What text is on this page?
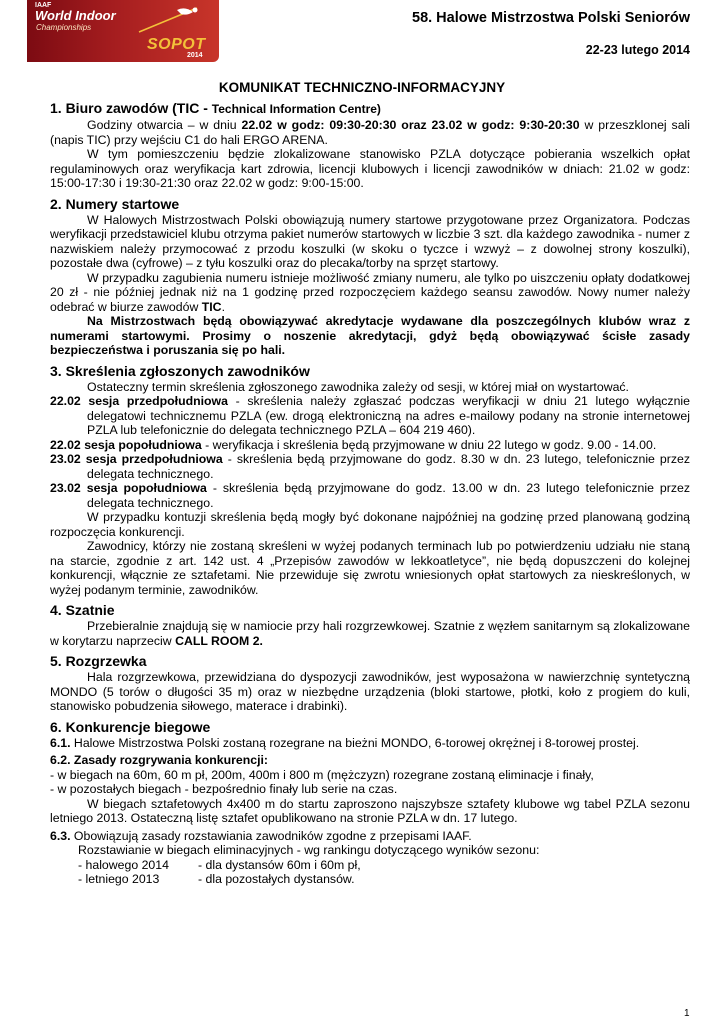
IAAF
World Indoor
Championships
SOPOT
2014
58. Halowe Mistrzostwa Polski Seniorów
22-23 lutego 2014
KOMUNIKAT TECHNICZNO-INFORMACYJNY
1. Biuro zawodów (TIC - Technical Information Centre)

Godziny otwarcia – w dniu 22.02 w godz: 09:30-20:30 oraz 23.02 w godz: 9:30-20:30 w przeszklonej sali (napis TIC) przy wejściu C1 do hali ERGO ARENA.

W tym pomieszczeniu będzie zlokalizowane stanowisko PZLA dotyczące pobierania wszelkich opłat regulaminowych oraz weryfikacja kart zdrowia, licencji klubowych i licencji zawodników w dniach: 21.02 w godz: 15:00-17:30 i 19:30-21:30 oraz 22.02 w godz: 9:00-15:00.

2. Numery startowe

W Halowych Mistrzostwach Polski obowiązują numery startowe przygotowane przez Organizatora. Podczas weryfikacji przedstawiciel klubu otrzyma pakiet numerów startowych w liczbie 3 szt. dla każdego zawodnika - numer z nazwiskiem należy przymocować z przodu koszulki (w skoku o tyczce i wzwyż – z dowolnej strony koszulki), pozostałe dwa (cyfrowe) – z tyłu koszulki oraz do plecaka/torby na sprzęt startowy.

W przypadku zagubienia numeru istnieje możliwość zmiany numeru, ale tylko po uiszczeniu opłaty dodatkowej 20 zł - nie później jednak niż na 1 godzinę przed rozpoczęciem każdego seansu zawodów. Nowy numer należy odebrać w biurze zawodów TIC.

Na Mistrzostwach będą obowiązywać akredytacje wydawane dla poszczególnych klubów wraz z numerami startowymi. Prosimy o noszenie akredytacji, gdyż będą obowiązywać ścisłe zasady bezpieczeństwa i poruszania się po hali.

3. Skreślenia zgłoszonych zawodników

Ostateczny termin skreślenia zgłoszonego zawodnika zależy od sesji, w której miał on wystartować.

22.02 sesja przedpołudniowa - skreślenia należy zgłaszać podczas weryfikacji w dniu 21 lutego wyłącznie delegatowi technicznemu PZLA (ew. drogą elektroniczną na adres e-mailowy podany na stronie internetowej PZLA lub telefonicznie do delegata technicznego PZLA – 604 219 460).

22.02 sesja popołudniowa - weryfikacja i skreślenia będą przyjmowane w dniu 22 lutego w godz. 9.00 - 14.00.

23.02 sesja przedpołudniowa - skreślenia będą przyjmowane do godz. 8.30 w dn. 23 lutego, telefonicznie przez delegata technicznego.

23.02 sesja popołudniowa - skreślenia będą przyjmowane do godz. 13.00 w dn. 23 lutego telefonicznie przez delegata technicznego.

W przypadku kontuzji skreślenia będą mogły być dokonane najpóźniej na godzinę przed planowaną godziną rozpoczęcia konkurencji.

Zawodnicy, którzy nie zostaną skreśleni w wyżej podanych terminach lub po potwierdzeniu udziału nie staną na starcie, zgodnie z art. 142 ust. 4 „Przepisów zawodów w lekkoatletyce”, nie będą dopuszczeni do kolejnej konkurencji, włącznie ze sztafetami. Nie przewiduje się zwrotu wniesionych opłat startowych za nieskreślonych, w wyżej podanym terminie, zawodników.

4. Szatnie

Przebieralnie znajdują się w namiocie przy hali rozgrzewkowej. Szatnie z węzłem sanitarnym są zlokalizowane w korytarzu naprzeciw CALL ROOM 2.

5. Rozgrzewka

Hala rozgrzewkowa, przewidziana do dyspozycji zawodników, jest wyposażona w nawierzchnię syntetyczną MONDO (5 torów o długości 35 m) oraz w niezbędne urządzenia (bloki startowe, płotki, koło z progiem do kuli, stanowisko pobudzenia siłowego, materace i drabinki).

6. Konkurencje biegowe

6.1. Halowe Mistrzostwa Polski zostaną rozegrane na bieżni MONDO, 6-torowej okrężnej i 8-torowej prostej.

6.2. Zasady rozgrywania konkurencji:

- w biegach na 60m, 60 m pł, 200m, 400m i 800 m (mężczyzn) rozegrane zostaną eliminacje i finały,

- w pozostałych biegach - bezpośrednio finały lub serie na czas.

W biegach sztafetowych 4x400 m do startu zaproszono najszybsze sztafety klubowe wg tabel PZLA sezonu letniego 2013. Ostateczną listę sztafet opublikowano na stronie PZLA w dn. 17 lutego.

6.3. Obowiązują zasady rozstawiania zawodników zgodne z przepisami IAAF.

Rozstawianie w biegach eliminacyjnych - wg rankingu dotyczącego wyników sezonu:

- halowego 2014	- dla dystansów 60m i 60m pł,
- letniego 2013	- dla pozostałych dystansów.
1
